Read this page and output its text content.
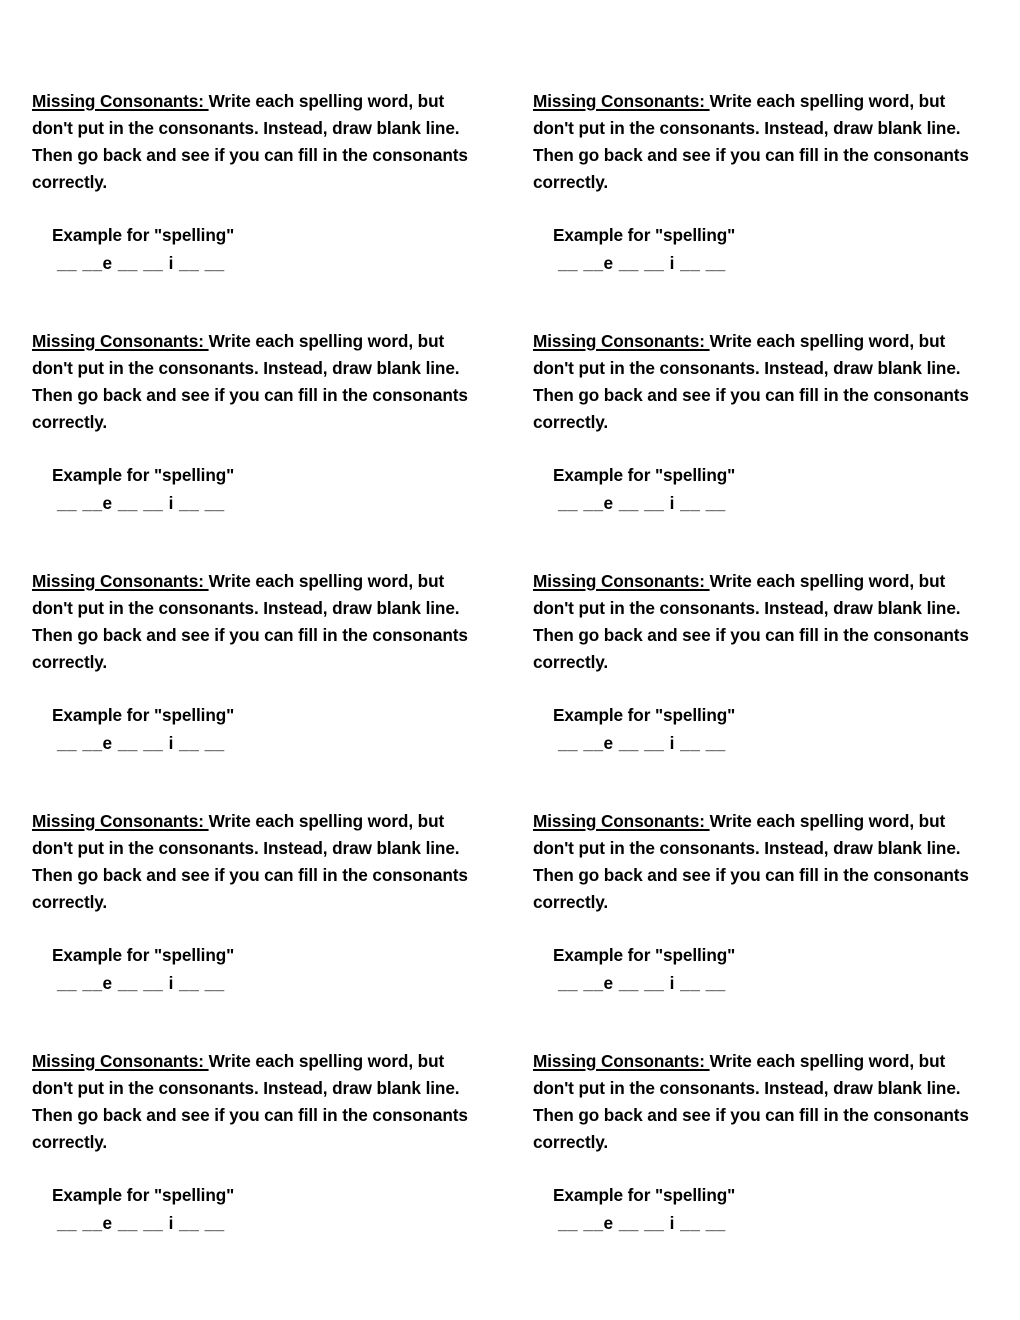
Missing Consonants: Write each spelling word, but don't put in the consonants. Instead, draw blank line. Then go back and see if you can fill in the consonants correctly.

Example for "spelling"

__ __e __ __ i __ __

Missing Consonants: Write each spelling word, but don't put in the consonants. Instead, draw blank line. Then go back and see if you can fill in the consonants correctly.

Example for "spelling"

__ __e __ __ i __ __

Missing Consonants: Write each spelling word, but don't put in the consonants. Instead, draw blank line. Then go back and see if you can fill in the consonants correctly.

Example for "spelling"

__ __e __ __ i __ __

Missing Consonants: Write each spelling word, but don't put in the consonants. Instead, draw blank line. Then go back and see if you can fill in the consonants correctly.

Example for "spelling"

__ __e __ __ i __ __

Missing Consonants: Write each spelling word, but don't put in the consonants. Instead, draw blank line. Then go back and see if you can fill in the consonants correctly.

Example for "spelling"

__ __e __ __ i __ __

Missing Consonants: Write each spelling word, but don't put in the consonants. Instead, draw blank line. Then go back and see if you can fill in the consonants correctly.

Example for "spelling"

__ __e __ __ i __ __

Missing Consonants: Write each spelling word, but don't put in the consonants. Instead, draw blank line. Then go back and see if you can fill in the consonants correctly.

Example for "spelling"

__ __e __ __ i __ __

Missing Consonants: Write each spelling word, but don't put in the consonants. Instead, draw blank line. Then go back and see if you can fill in the consonants correctly.

Example for "spelling"

__ __e __ __ i __ __

Missing Consonants: Write each spelling word, but don't put in the consonants. Instead, draw blank line. Then go back and see if you can fill in the consonants correctly.

Example for "spelling"

__ __e __ __ i __ __

Missing Consonants: Write each spelling word, but don't put in the consonants. Instead, draw blank line. Then go back and see if you can fill in the consonants correctly.

Example for "spelling"

__ __e __ __ i __ __
